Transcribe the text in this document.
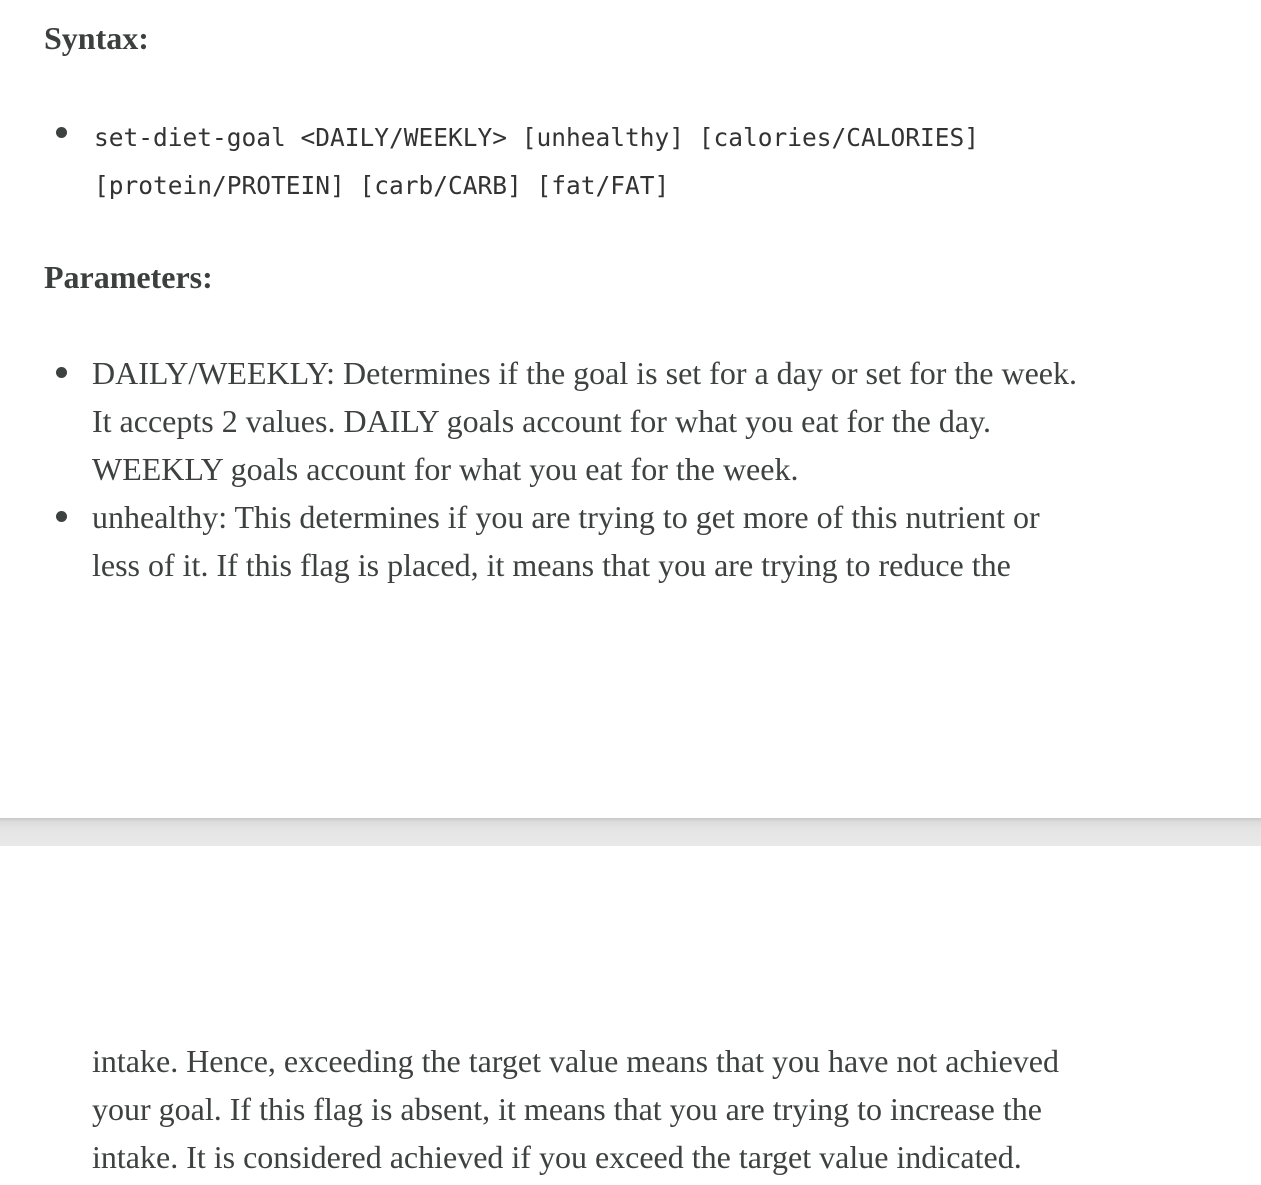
Syntax:

set-diet-goal <DAILY/WEEKLY> [unhealthy] [calories/CALORIES]
[protein/PROTEIN] [carb/CARB] [fat/FAT]

Parameters:

DAILY/WEEKLY: Determines if the goal is set for a day or set for the week.
It accepts 2 values. DAILY goals account for what you eat for the day.
WEEKLY goals account for what you eat for the week.

unhealthy: This determines if you are trying to get more of this nutrient or
less of it. If this flag is placed, it means that you are trying to reduce the

intake. Hence, exceeding the target value means that you have not achieved
your goal. If this flag is absent, it means that you are trying to increase the
intake. It is considered achieved if you exceed the target value indicated.
